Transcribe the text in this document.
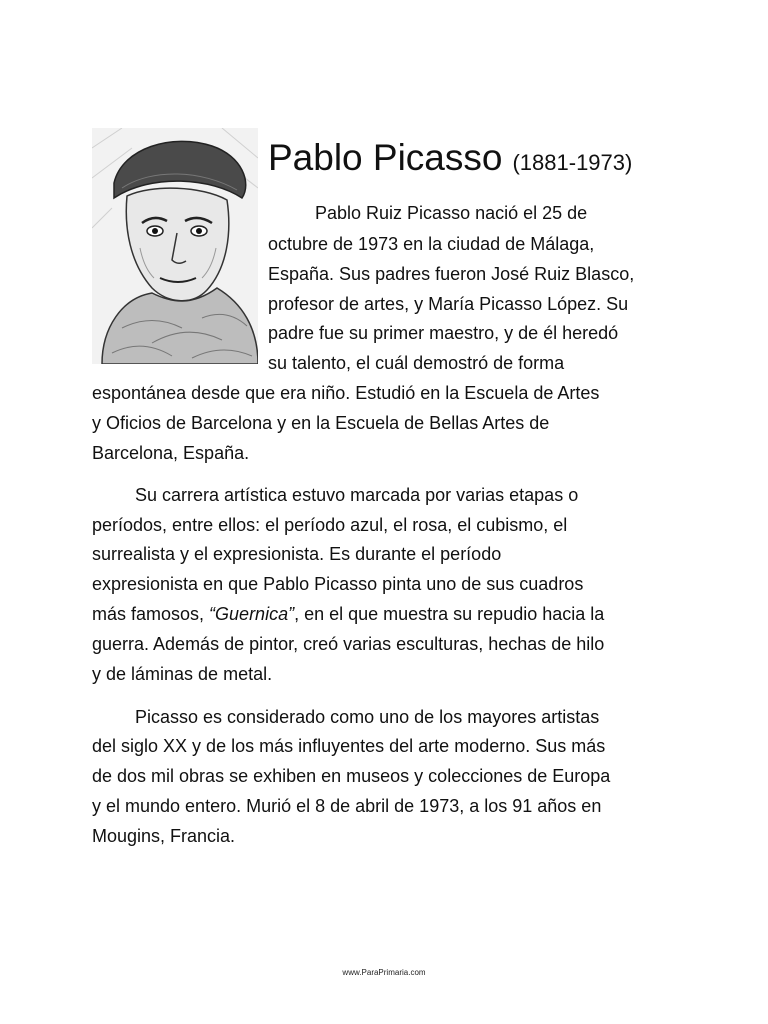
Pablo Picasso (1881-1973)
Pablo Ruiz Picasso nació el 25 de
octubre de 1973 en la ciudad de Málaga,
España. Sus padres fueron José Ruiz Blasco,
profesor de artes, y María Picasso López. Su
padre fue su primer maestro, y de él heredó
su talento, el cuál demostró de forma
espontánea desde que era niño. Estudió en la Escuela de Artes
y Oficios de Barcelona y en la Escuela de Bellas Artes de
Barcelona, España.
Su carrera artística estuvo marcada por varias etapas o
períodos, entre ellos: el período azul, el rosa, el cubismo, el
surrealista y el expresionista. Es durante el período
expresionista en que Pablo Picasso pinta uno de sus cuadros
más famosos, “Guernica”, en el que muestra su repudio hacia la
guerra. Además de pintor, creó varias esculturas, hechas de hilo
y de láminas de metal.
Picasso es considerado como uno de los mayores artistas
del siglo XX y de los más influyentes del arte moderno. Sus más
de dos mil obras se exhiben en museos y colecciones de Europa
y el mundo entero. Murió el 8 de abril de 1973, a los 91 años en
Mougins, Francia.
www.ParaPrimaria.com
